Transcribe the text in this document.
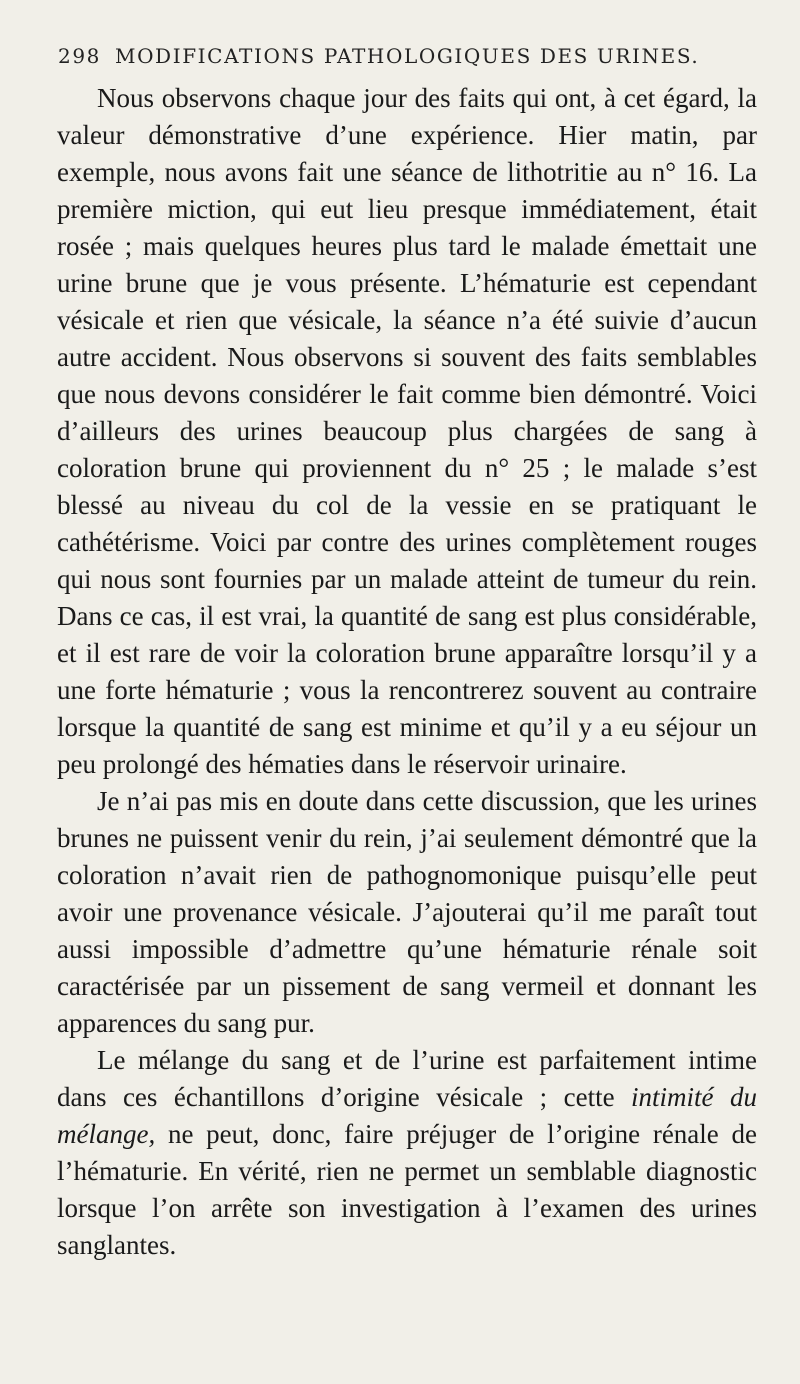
298 MODIFICATIONS PATHOLOGIQUES DES URINES.

Nous observons chaque jour des faits qui ont, à cet égard, la valeur démonstrative d’une expérience. Hier matin, par exemple, nous avons fait une séance de lithotritie au n° 16. La première miction, qui eut lieu presque immédiatement, était rosée ; mais quelques heures plus tard le malade émettait une urine brune que je vous présente. L’hématurie est cependant vésicale et rien que vésicale, la séance n’a été suivie d’aucun autre accident. Nous observons si souvent des faits semblables que nous devons considérer le fait comme bien démontré. Voici d’ailleurs des urines beaucoup plus chargées de sang à coloration brune qui proviennent du n° 25 ; le malade s’est blessé au niveau du col de la vessie en se pratiquant le cathétérisme. Voici par contre des urines complètement rouges qui nous sont fournies par un malade atteint de tumeur du rein. Dans ce cas, il est vrai, la quantité de sang est plus considérable, et il est rare de voir la coloration brune apparaître lorsqu’il y a une forte hématurie ; vous la rencontrerez souvent au contraire lorsque la quantité de sang est minime et qu’il y a eu séjour un peu prolongé des hématies dans le réservoir urinaire.

Je n’ai pas mis en doute dans cette discussion, que les urines brunes ne puissent venir du rein, j’ai seulement démontré que la coloration n’avait rien de pathognomonique puisqu’elle peut avoir une provenance vésicale. J’ajouterai qu’il me paraît tout aussi impossible d’admettre qu’une hématurie rénale soit caractérisée par un pissement de sang vermeil et donnant les apparences du sang pur.

Le mélange du sang et de l’urine est parfaitement intime dans ces échantillons d’origine vésicale ; cette intimité du mélange, ne peut, donc, faire préjuger de l’origine rénale de l’hématurie. En vérité, rien ne permet un semblable diagnostic lorsque l’on arrête son investigation à l’examen des urines sanglantes.
